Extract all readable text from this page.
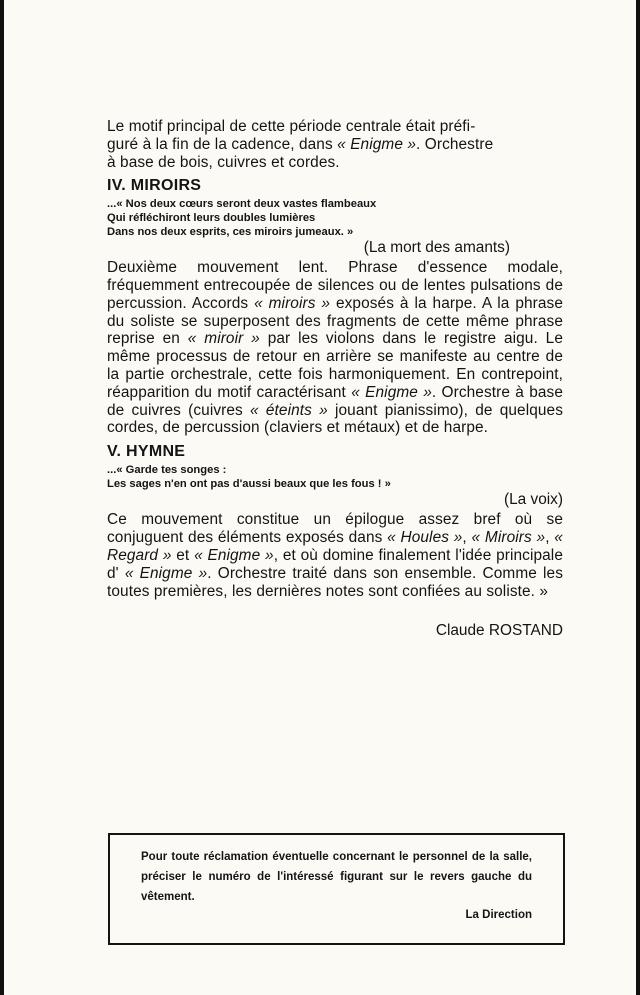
Le motif principal de cette période centrale était préfi-
guré à la fin de la cadence, dans « Enigme ». Orchestre
à base de bois, cuivres et cordes.

IV. MIROIRS
...« Nos deux cœurs seront deux vastes flambeaux
Qui réfléchiront leurs doubles lumières
Dans nos deux esprits, ces miroirs jumeaux. »
(La mort des amants)

Deuxième mouvement lent. Phrase d'essence modale, fréquemment entrecoupée de silences ou de lentes pulsations de percussion. Accords « miroirs » exposés à la harpe. A la phrase du soliste se superposent des fragments de cette même phrase reprise en « miroir » par les violons dans le registre aigu. Le même processus de retour en arrière se manifeste au centre de la partie orchestrale, cette fois harmoniquement. En contrepoint, réapparition du motif caractérisant « Enigme ». Orchestre à base de cuivres (cuivres « éteints » jouant pianissimo), de quelques cordes, de percussion (claviers et métaux) et de harpe.

V. HYMNE
...« Garde tes songes :
Les sages n'en ont pas d'aussi beaux que les fous ! »
(La voix)

Ce mouvement constitue un épilogue assez bref où se conjuguent des éléments exposés dans « Houles », « Miroirs », « Regard » et « Enigme », et où domine finalement l'idée principale d' « Enigme ». Orchestre traité dans son ensemble. Comme les toutes premières, les dernières notes sont confiées au soliste. »

Claude ROSTAND

Pour toute réclamation éventuelle concernant le personnel de la salle, préciser le numéro de l'intéressé figurant sur le revers gauche du vêtement.

La Direction
